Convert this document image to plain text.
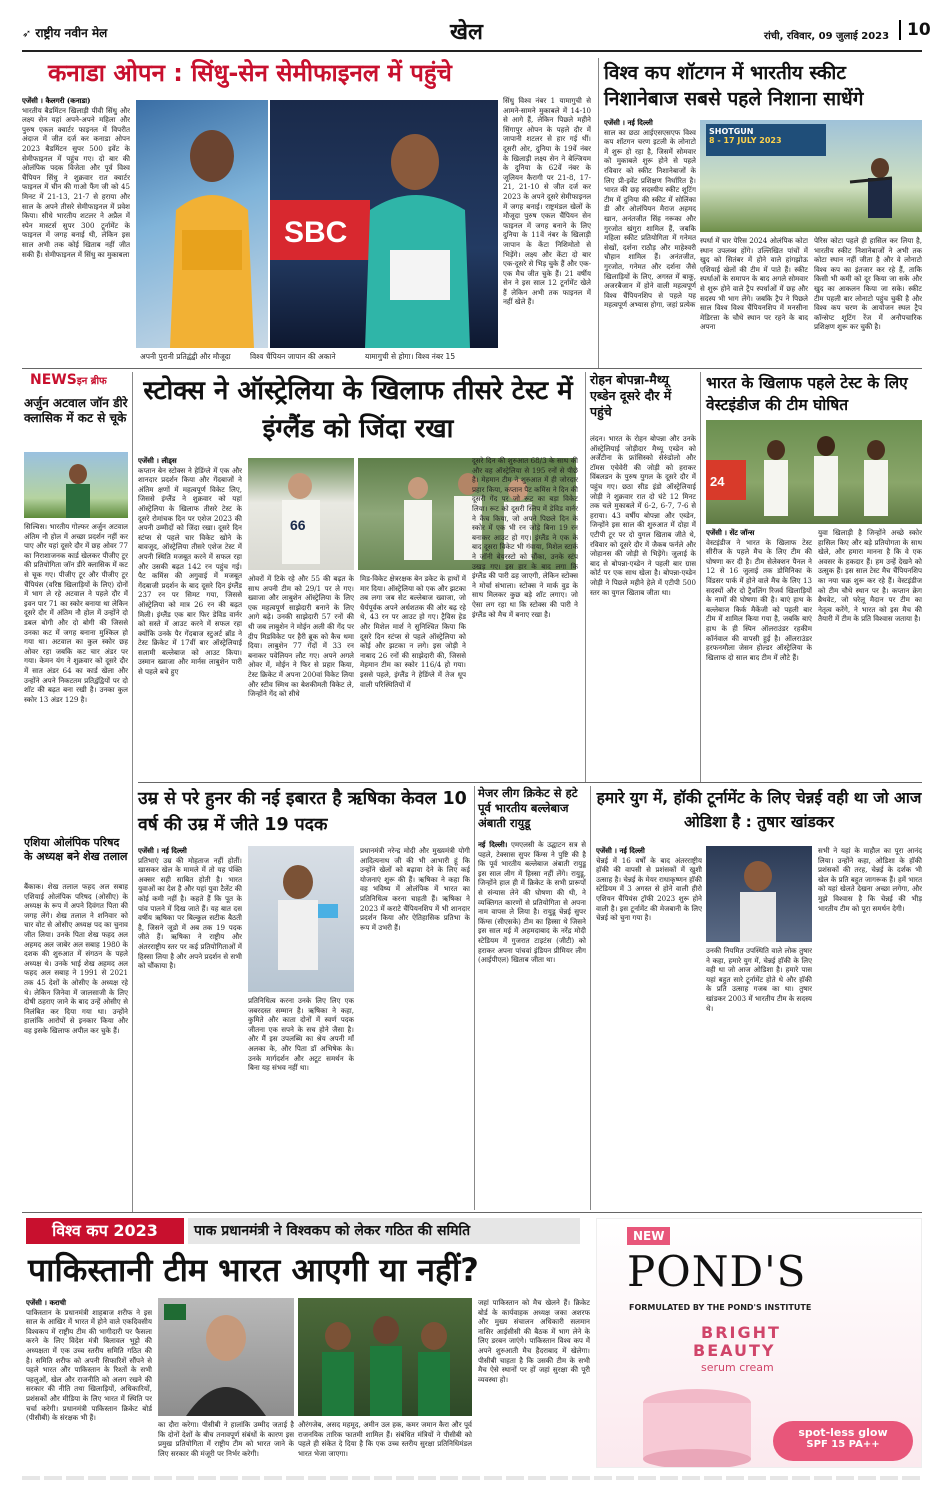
➶ राष्ट्रीय नवीन मेल	खेल	रांची, रविवार, 09 जुलाई 2023	10
कनाडा ओपन : सिंधु-सेन सेमीफाइनल में पहुंचे
एजेंसी । कैलगरी (कनाडा)
भारतीय बैडमिंटन खिलाड़ी पीवी सिंधु और लक्ष्य सेन यहां अपने-अपने महिला और पुरुष एकल क्वार्टर फाइनल में विपरीत अंदाज में जीत दर्ज कर कनाडा ओपन 2023 बैडमिंटन सुपर 500 इवेंट के सेमीफाइनल में पहुंच गए। दो बार की ओलंपिक पदक विजेता और पूर्व विश्व चैंपियन सिंधु ने शुक्रवार रात क्वार्टर फाइनल में चीन की गाओ फैंग जी को 45 मिनट में 21-13, 21-7 से हराया और साल के अपने तीसरे सेमीफाइनल में प्रवेश किया। सीधे भारतीय शटलर ने अप्रैल में स्पेन मास्टर्स सुपर 300 टूर्नामेंट के फाइनल में जगह बनाई थी, लेकिन इस साल अभी तक कोई खिताब नहीं जीत सकी हैं। सेमीफाइनल में सिंधु का मुकाबला
SBC
सिंधु विश्व नंबर 1 यामागुची से आमने-सामने मुकाबले में 14-10 से आगे हैं, लेकिन पिछले महीने सिंगापुर ओपन के पहले दौर में जापानी शटलर से हार गई थीं। दूसरी ओर, दुनिया के 19वें नंबर के खिलाड़ी लक्ष्य सेन ने बेल्जियम के दुनिया के 62वें नंबर के जूलियन कैरागी पर 21-8, 17-21, 21-10 से जीत दर्ज कर 2023 के अपने दूसरे सेमीफाइनल में जगह बनाई। राष्ट्रमंडल खेलों के मौजूदा पुरुष एकल चैंपियन सेन फाइनल में जगह बनाने के लिए दुनिया के 11वें नंबर के खिलाड़ी जापान के केंटा निशिमोतो से भिड़ेंगे। लक्ष्य और केंटा दो बार एक-दूसरे से भिड़ चुके हैं और एक-एक मैच जीत चुके हैं। 21 वर्षीय सेन ने इस साल 12 टूर्नामेंट खेले हैं लेकिन अभी तक फाइनल में नहीं खेले हैं।
अपनी पुरानी प्रतिद्वंद्वी और मौजूदा	विश्व चैंपियन जापान की अकाने	यामागुची से होगा। विश्व नंबर 15
विश्व कप शॉटगन में भारतीय स्कीट निशानेबाज सबसे पहले निशाना साधेंगे
एजेंसी । नई दिल्ली
साल का छठा आईएसएसएफ विश्व कप शॉटगन चरण इटली के लोनाटो में शुरू हो रहा है, जिसमें सोमवार को मुकाबले शुरू होने से पहले रविवार को स्कीट निशानेबाजों के लिए प्री-इवेंट प्रशिक्षण निर्धारित है। भारत की छह सदस्यीय स्कीट शूटिंग टीम में दुनिया की स्कीट में सोलिंका डी और ओलंपियन मैराज अहमद खान, अनंतजीत सिंह नरूका और गुरजोत खंगुरा शामिल हैं, जबकि महिला स्कीट प्रतियोगिता में गनेमत सेखों, दर्शना राठौड़ और माहेश्वरी चौहान शामिल हैं। अनंतजीत, गुरजोत, गनेमत और दर्शना जैसे खिलाड़ियों के लिए, अगस्त में बाकू, अजरबैजान में होने वाली महत्वपूर्ण विश्व चैंपियनशिप से पहले यह महत्वपूर्ण अभ्यास होगा, जहां प्रत्येक
SHOTGUN
8 - 17 JULY 2023
स्पर्धा में चार पेरिस 2024 ओलंपिक कोटा स्थान उपलब्ध होंगे। उल्लिखित पांचों में खुद को सितंबर में होने वाले हांगझोऊ एशियाई खेलों की टीम में पाते हैं। स्कीट स्पर्धाओं के समापन के बाद अगले सोमवार से शुरू होने वाले ट्रैप स्पर्धाओं में छह और सदस्य भी भाग लेंगे। जबकि ट्रैप ने पिछले साल विश्व विश्व चैंपियनशिप में मनसीना मेडिरत्ता के चौथे स्थान पर रहने के बाद अपना
पेरिस कोटा पहले ही हासिल कर लिया है, भारतीय स्कीट निशानेबाजों ने अभी तक कोटा स्थान नहीं जीता है और वे लोनाटो विश्व कप का इंतजार कर रहे हैं, ताकि किसी भी कमी को दूर किया जा सके और खुद का आकलन किया जा सके। स्कीट टीम पहली बार लोनाटो पहुंच चुकी है और विश्व कप चरण के आयोजन स्थल ट्रैप कॉन्सेप्ट शूटिंग रेंज में अनौपचारिक प्रशिक्षण शुरू कर चुकी है।
NEWSइन ब्रीफ
अर्जुन अटवाल जॉन डीरे क्लासिक में कट से चूके
सिल्विस। भारतीय गोल्फर अर्जुन अटवाल अंतिम नौ होल में अच्छा प्रदर्शन नहीं कर पाए और यहां दूसरे दौर में छह ओवर 77 का निराशाजनक कार्ड खेलकर पीजीए टूर की प्रतियोगिता जॉन डीरे क्लासिक में कट से चूक गए। पीजीए टूर और पीजीए टूर चैंपियंस (वरिष्ठ खिलाड़ियों के लिए) दोनों में भाग ले रहे अटवाल ने पहले दौर में इवन पार 71 का स्कोर बनाया था लेकिन दूसरे दौर में अंतिम नौ होल में उन्होंने दो डबल बोगी और दो बोगी की जिससे उनका कट में जगह बनाना मुश्किल हो गया था। अटवाल का कुल स्कोर छह ओवर रहा जबकि कट चार अंडर पर गया। केमन यंग ने शुक्रवार को दूसरे दौर में सात अंडर 64 का कार्ड खेला और उन्होंने अपने निकटतम प्रतिद्वंद्वियों पर दो शॉट की बढ़त बना रखी है। उनका कुल स्कोर 13 अंडर 129 है।
एशिया ओलंपिक परिषद के अध्यक्ष बने शेख तलाल
बैंकाक। शेख तलाल फहद अल सबाह एशियाई ओलंपिक परिषद (ओसीए) के अध्यक्ष के रूप में अपने दिवंगत पिता की जगह लेंगे। शेख तलाल ने शनिवार को चार वोट से ओसीए अध्यक्ष पद का चुनाव जीत लिया। उनके पिता शेख फहद अल अहमद अल जाबेर अल सबाह 1980 के दशक की शुरुआत में संगठन के पहले अध्यक्ष थे। उनके भाई शेख अहमद अल फहद अल सबाह ने 1991 से 2021 तक 45 देशों के ओसीए के अध्यक्ष रहे थे। लेकिन जिनेवा में जालसाजी के लिए दोषी ठहराए जाने के बाद उन्हें ओसीए से निलंबित कर दिया गया था। उन्होंने हालांकि आरोपों से इनकार किया और वह इसके खिलाफ अपील कर चुके हैं।
स्टोक्स ने ऑस्ट्रेलिया के खिलाफ तीसरे टेस्ट में इंग्लैंड को जिंदा रखा
एजेंसी । लीड्स
कप्तान बेन स्टोक्स ने हेडिंग्ले में एक और शानदार प्रदर्शन किया और गेंदबाजों ने अंतिम क्षणों में महत्वपूर्ण विकेट लिए, जिससे इंग्लैंड ने शुक्रवार को यहां ऑस्ट्रेलिया के खिलाफ तीसरे टेस्ट के दूसरे रोमांचक दिन पर एशेज 2023 की अपनी उम्मीदों को जिंदा रखा। दूसरे दिन स्टंप्स से पहले चार विकेट खोने के बावजूद, ऑस्ट्रेलिया तीसरे एशेज टेस्ट में अपनी स्थिति मजबूत करने में सफल रहा और उसकी बढ़त 142 रन पहुंच गई। पैट कमिंस की अगुवाई में मजबूत गेंदबाजी प्रदर्शन के बाद दूसरे दिन इंग्लैंड 237 रन पर सिमट गया, जिससे ऑस्ट्रेलिया को मात्र 26 रन की बढ़त मिली। इंग्लैंड एक बार फिर डेविड वार्नर को सस्ते में आउट करने में सफल रहा क्योंकि उनके पैर गेंदबाज स्टुअर्ट ब्रॉड ने टेस्ट क्रिकेट में 17वीं बार ऑस्ट्रेलियाई सलामी बल्लेबाज को आउट किया। उस्मान ख्वाजा और मार्नस लाबुशेन पारी से पहले बचे हुए
66
ओवरों में टिके रहे और 55 की बढ़त के साथ अपनी टीम को 29/1 पर ले गए। ख्वाजा और लाबुशेन ऑस्ट्रेलिया के लिए एक महत्वपूर्ण साझेदारी बनाने के लिए आगे बढ़े। उनकी साझेदारी 57 रनों की थी जब लाबुशेन ने मोईन अली की गेंद पर दीप मिडविकेट पर हैरी ब्रूक को कैच थमा दिया। लाबुशेन 77 गेंदों में 33 रन बनाकर पवेलियन लौट गए। अपने अगले ओवर में, मोईन ने फिर से प्रहार किया, टेस्ट क्रिकेट में अपना 200वां विकेट लिया और स्टीव स्मिथ का बेशकीमती विकेट ले, जिन्होंने गेंद को सीधे
मिड-विकेट क्षेत्ररक्षक बेन डकेट के हाथों में मार दिया। ऑस्ट्रेलिया को एक और झटका तब लगा जब सेट बल्लेबाज ख्वाजा, जो धैर्यपूर्वक अपने अर्धशतक की ओर बढ़ रहे थे, 43 रन पर आउट हो गए। ट्रैविस हेड और मिशेल मार्श ने सुनिश्चित किया कि दूसरे दिन स्टंप्स से पहले ऑस्ट्रेलिया को कोई और झटका न लगे। इस जोड़ी ने नाबाद 26 रनों की साझेदारी की, जिससे मेहमान टीम का स्कोर 116/4 हो गया। इससे पहले, इंग्लैंड ने हेडिंग्ले में तेज धूप वाली परिस्थितियों में
दूसरे दिन की शुरुआत 68/3 के साथ की और वह ऑस्ट्रेलिया से 195 रनों से पीछे है। मेहमान टीम ने शुरुआत में ही जोरदार प्रहार किया, कप्तान पैट कमिंस ने दिन की दूसरी गेंद पर जो रूट का बड़ा विकेट लिया। रूट को दूसरी स्लिप में डेविड वार्नर ने कैच किया, जो अपने पिछले दिन के स्कोर में एक भी रन जोड़े बिना 19 रन बनाकर आउट हो गए। इंग्लैंड ने एक के बाद दूसरा विकेट भी गंवाया, मिशेल स्टार्क ने जॉनी बेयरस्टो को चौंका, उनके स्टंप उखड़ गए। इस हार के बाद लगा कि इंग्लैंड की पारी ढह जाएगी, लेकिन स्टोक्स ने मोर्चा संभाला। स्टोक्स ने मार्क वुड के साथ मिलकर कुछ बड़े शॉट लगाए। जो ऐसा लग रहा था कि स्टोक्स की पारी ने इंग्लैंड को मैच में बनाए रखा है।
रोहन बोपन्ना-मैथ्यू एब्डेन दूसरे दौर में पहुंचे
लंदन। भारत के रोहन बोपन्ना और उनके ऑस्ट्रेलियाई जोड़ीदार मैथ्यू एब्डेन को अर्जेंटीना के फ्रांसिस्को सेरुंडोलो और टॉमस एचेवेरी की जोड़ी को हराकर विंबलडन के पुरुष युगल के दूसरे दौर में पहुंच गए। छठा सीड इंडो ऑस्ट्रेलियाई जोड़ी ने शुक्रवार रात दो घंटे 12 मिनट तक चले मुकाबले में 6-2, 6-7, 7-6 से हराया। 43 वर्षीय बोपन्ना और एब्डेन, जिन्होंने इस साल की शुरुआत में दोहा में एटीपी टूर पर दो युगल खिताब जीते थे, रविवार को दूसरे दौर में जैकब फर्नले और जोहानस की जोड़ी से भिड़ेंगे। जुलाई के बाद से बोपन्ना-एब्डेन ने पहली बार ग्रास कोर्ट पर एक साथ खेला है। बोपन्ना-एब्डेन जोड़ी ने पिछले महीने हेले में एटीपी 500 स्तर का युगल खिताब जीता था।
भारत के खिलाफ पहले टेस्ट के लिए वेस्टइंडीज की टीम घोषित
24
एजेंसी । सेंट जॉन्स
वेस्टइंडीज ने भारत के खिलाफ टेस्ट सीरीज के पहले मैच के लिए टीम की घोषणा कर दी है। टीम सेलेक्शन पैनल ने 12 से 16 जुलाई तक डोमिनिका के विंडसर पार्क में होने वाले मैच के लिए 13 सदस्यों और दो ट्रैवलिंग रिजर्व खिलाड़ियों के नामों की घोषणा की है। बाएं हाथ के बल्लेबाज किर्क मैकेंजी को पहली बार टीम में शामिल किया गया है, जबकि बाएं हाथ के ही स्पिन ऑलराउंडर रहकीम कॉर्नवाल की वापसी हुई है। ऑलराउंडर हरफनमौला जेसन होल्डर ऑस्ट्रेलिया के खिलाफ दो साल बाद टीम में लौटे हैं।
युवा खिलाड़ी है जिन्होंने अच्छे स्कोर हासिल किए और बड़े प्रतियोगता के साथ खेले, और हमारा मानना है कि वे एक अवसर के हकदार हैं। हम उन्हें देखने को उत्सुक हैं। इस साल टेस्ट मैच चैंपियनशिप का नया चक्र शुरू कर रहे हैं। वेस्टइंडीज को टीम चौथे स्थान पर है। कप्तान क्रेग ब्रैथवेट, जो घरेलू मैदान पर टीम का नेतृत्व करेंगे, ने भारत को इस मैच की तैयारी में टीम के प्रति विश्वास जताया है।
उम्र से परे हुनर की नई इबारत है ऋषिका केवल 10 वर्ष की उम्र में जीते 19 पदक
एजेंसी । नई दिल्ली
प्रतिभाएं उम्र की मोहताज नहीं होतीं। खासकर खेल के मामले में तो यह पंक्ति अक्सर सही साबित होती है। भारत युवाओं का देश है और यहां युवा टैलेंट की कोई कमी नहीं है। कहते हैं कि पूत के पांव पालने में दिख जाते हैं। यह बात दस वर्षीय ऋषिका पर बिल्कुल सटीक बैठती है, जिसने जूडो में अब तक 19 पदक जीते हैं। ऋषिका ने राष्ट्रीय और अंतरराष्ट्रीय स्तर पर कई प्रतियोगिताओं में हिस्सा लिया है और अपने प्रदर्शन से सभी को चौंकाया है।
प्रतिनिधित्व करना उनके लिए लिए एक जबरदस्त सम्मान है। ऋषिका ने कहा, कुमिते और काता दोनों में स्वर्ण पदक जीतना एक सपने के सच होने जैसा है। और मैं इस उपलब्धि का श्रेय अपनी माँ अलका के, और पिता डॉ अभिषेक के। उनके मार्गदर्शन और अटूट समर्थन के बिना यह संभव नहीं था।
प्रधानमंत्री नरेन्द्र मोदी और मुख्यमंत्री योगी आदित्यनाथ जी की भी आभारी हूं कि उन्होंने खेलों को बढ़ावा देने के लिए कई योजनाएं शुरू की हैं। ऋषिका ने कहा कि वह भविष्य में ओलंपिक में भारत का प्रतिनिधित्व करना चाहती हैं। ऋषिका ने 2023 में कराटे चैंपियनशिप में भी शानदार प्रदर्शन किया और ऐतिहासिक प्रतिभा के रूप में उभरी हैं।
मेजर लीग क्रिकेट से हटे पूर्व भारतीय बल्लेबाज अंबाती रायुडू
नई दिल्ली। एमएलसी के उद्घाटन सत्र से पहले, टेक्सास सुपर किंग्स ने पुष्टि की है कि पूर्व भारतीय बल्लेबाज अंबाती रायुडू इस साल लीग में हिस्सा नहीं लेंगे। रायुडू, जिन्होंने हाल ही में क्रिकेट के सभी प्रारूपों से संन्यास लेने की घोषणा की थी, ने व्यक्तिगत कारणों से प्रतियोगिता से अपना नाम वापस ले लिया है। रायुडू चेन्नई सुपर किंग्स (सीएसके) टीम का हिस्सा थे जिसने इस साल मई में अहमदाबाद के नरेंद्र मोदी स्टेडियम में गुजरात टाइटंस (जीटी) को हराकर अपना पांचवां इंडियन प्रीमियर लीग (आईपीएल) खिताब जीता था।
हमारे युग में, हॉकी टूर्नामेंट के लिए चेन्नई वही था जो आज ओडिशा है : तुषार खांडकर
एजेंसी । नई दिल्ली
चेन्नई में 16 वर्षों के बाद अंतरराष्ट्रीय हॉकी की वापसी से प्रशंसकों में खुशी उत्साह है। चेन्नई के मेयर राधाकृष्णन हॉकी स्टेडियम में 3 अगस्त से होने वाली हीरो एशियन चैंपियंस ट्रॉफी 2023 शुरू होने वाली है। इस टूर्नामेंट की मेजबानी के लिए चेन्नई को चुना गया है।
उनकी नियमित उपस्थिति वाले लोक तुषार ने कहा, हमारे युग में, चेन्नई हॉकी के लिए वही था जो आज ओडिशा है। हमारे पास यहां बहुत सारे टूर्नामेंट होते थे और हॉकी के प्रति उत्साह गजब का था। तुषार खांडकर 2003 में भारतीय टीम के सदस्य थे।
सभी ने यहां के माहौल का पूरा आनंद लिया। उन्होंने कहा, ओडिशा के हॉकी प्रशंसकों की तरह, चेन्नई के दर्शक भी खेल के प्रति बहुत जागरूक हैं। हमें भारत को यहां खेलते देखना अच्छा लगेगा, और मुझे विश्वास है कि चेन्नई की भीड़ भारतीय टीम को पूरा समर्थन देगी।
विश्व कप 2023	पाक प्रधानमंत्री ने विश्वकप को लेकर गठित की समिति
पाकिस्तानी टीम भारत आएगी या नहीं?
एजेंसी । कराची
पाकिस्तान के प्रधानमंत्री शाहबाज शरीफ ने इस साल के आखिर में भारत में होने वाले एकदिवसीय विश्वकप में राष्ट्रीय टीम की भागीदारी पर फैसला करने के लिए विदेश मंत्री बिलावल भुट्टो की अध्यक्षता में एक उच्च स्तरीय समिति गठित की है। समिति शरीफ को अपनी सिफारिशें सौंपने से पहले भारत और पाकिस्तान के रिश्तों के सभी पहलुओं, खेल और राजनीति को अलग रखने की सरकार की नीति तथा खिलाड़ियों, अधिकारियों, प्रशंसकों और मीडिया के लिए भारत में स्थिति पर चर्चा करेगी। प्रधानमंत्री पाकिस्तान क्रिकेट बोर्ड (पीसीबी) के संरक्षक भी हैं।
का दौरा करेगा। पीसीबी ने हालांकि उम्मीद जताई है कि दोनों देशों के बीच तनावपूर्ण संबंधों के कारण इस प्रमुख प्रतियोगिता में राष्ट्रीय टीम को भारत जाने के लिए सरकार की मंजूरी पर निर्भर करेगी।
औरंगजेब, असद महमूद, अमीन उल हक, कमर जमान कैरा और पूर्व राजनयिक तारिक फातमी शामिल हैं। संबंधित मंत्रियों ने पीसीबी को पहले ही संकेत दे दिया है कि एक उच्च स्तरीय सुरक्षा प्रतिनिधिमंडल भारत भेजा जाएगा।
जहां पाकिस्तान को मैच खेलने हैं। क्रिकेट बोर्ड के कार्यवाहक अध्यक्ष जका अशरफ और मुख्य संचालन अधिकारी सलमान नासिर आईसीसी की बैठक में भाग लेने के लिए डरबन जाएंगे। पाकिस्तान विश्व कप में अपने शुरुआती मैच हैदराबाद में खेलेगा। पीसीबी चाहता है कि उसकी टीम के सभी मैच ऐसे स्थानों पर हों जहां सुरक्षा की पूरी व्यवस्था हो।
NEW
POND'S
FORMULATED BY THE POND'S INSTITUTE
BRIGHT
BEAUTY
serum cream
spot-less glow
SPF 15 PA++
